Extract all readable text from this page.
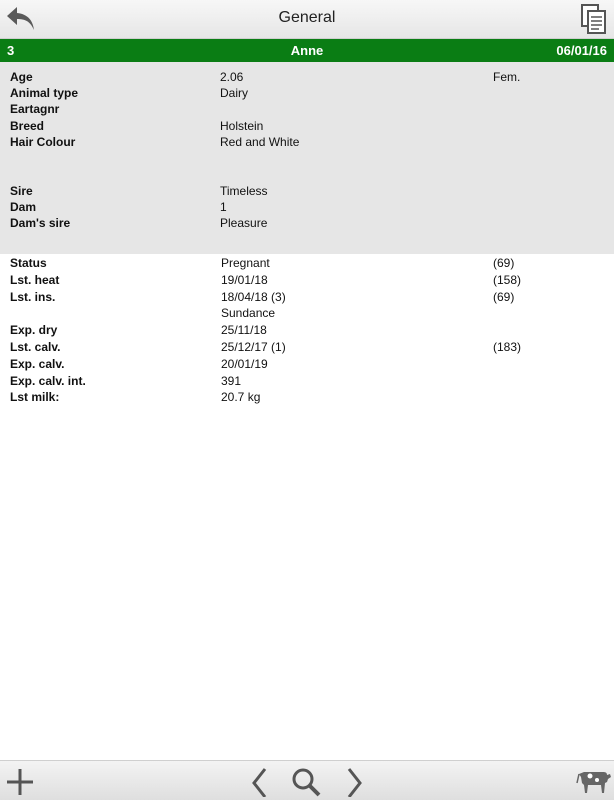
General
3	Anne	06/01/16
Age	2.06	Fem.
Animal type	Dairy
Eartagnr
Breed	Holstein
Hair Colour	Red and White
Sire	Timeless
Dam	1
Dam's sire	Pleasure
Status	Pregnant	(69)
Lst. heat	19/01/18	(158)
Lst. ins.	18/04/18 (3)	(69)
Sundance
Exp. dry	25/11/18
Lst. calv.	25/12/17 (1)	(183)
Exp. calv.	20/01/19
Exp. calv. int.	391
Lst milk:	20.7 kg
